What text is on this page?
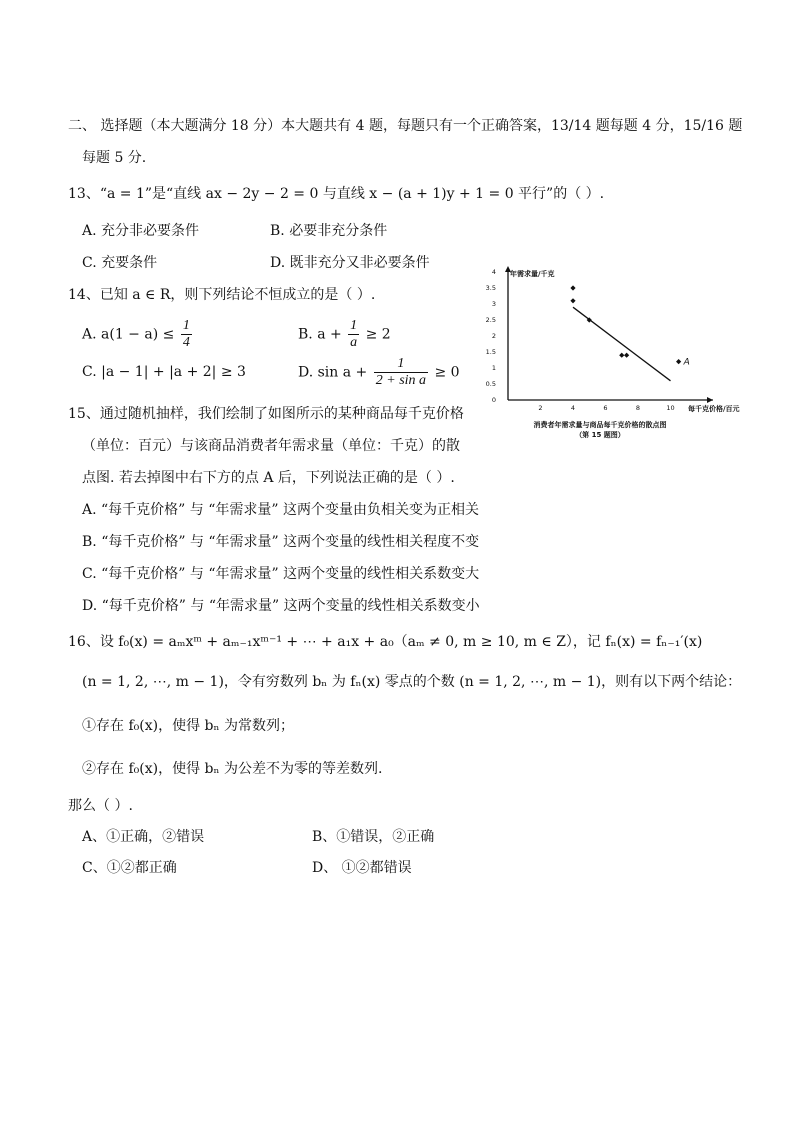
二、 选择题（本大题满分 18 分）本大题共有 4 题，每题只有一个正确答案，13/14 题每题 4 分，15/16 题
每题 5 分.
13、“a = 1”是“直线 ax − 2y − 2 = 0 与直线 x − (a + 1)y + 1 = 0 平行”的（ ）.
A. 充分非必要条件	B. 必要非充分条件
C. 充要条件	D. 既非充分又非必要条件
14、已知 a ∈ R，则下列结论不恒成立的是（ ）.
A. $a(1 - a) \le \frac{1}{4}$	B. $a + \frac{1}{a} \ge 2$
C. |a − 1| + |a + 2| ≥ 3	D. $\sin a + \frac{1}{\text{2 + sin a}} \ge 0$
0
0.5
1
1.5
2
2.5
3
3.5
4
2	4	6	8	10
年需求量/千克
每千克价格/百元
A
消费者年需求量与商品每千克价格的散点图
（第 15 题图）
15、通过随机抽样，我们绘制了如图所示的某种商品每千克价格
（单位：百元）与该商品消费者年需求量（单位：千克）的散
点图. 若去掉图中右下方的点 A 后，下列说法正确的是（ ）.
A. “每千克价格” 与 “年需求量” 这两个变量由负相关变为正相关
B. “每千克价格” 与 “年需求量” 这两个变量的线性相关程度不变
C. “每千克价格” 与 “年需求量” 这两个变量的线性相关系数变大
D. “每千克价格” 与 “年需求量” 这两个变量的线性相关系数变小
16、设 f₀(x) = aₘxᵐ + aₘ₋₁xᵐ⁻¹ + ⋯ + a₁x + a₀（aₘ ≠ 0, m ≥ 10, m ∈ Z），记 fₙ(x) = fₙ₋₁′(x)
(n = 1, 2, ⋯, m − 1)，令有穷数列 bₙ 为 fₙ(x) 零点的个数 (n = 1, 2, ⋯, m − 1)，则有以下两个结论：
①存在 f₀(x)，使得 bₙ 为常数列；
②存在 f₀(x)，使得 bₙ 为公差不为零的等差数列.
那么（ ）.
A、①正确，②错误	B、①错误，②正确
C、①②都正确	D、 ①②都错误
